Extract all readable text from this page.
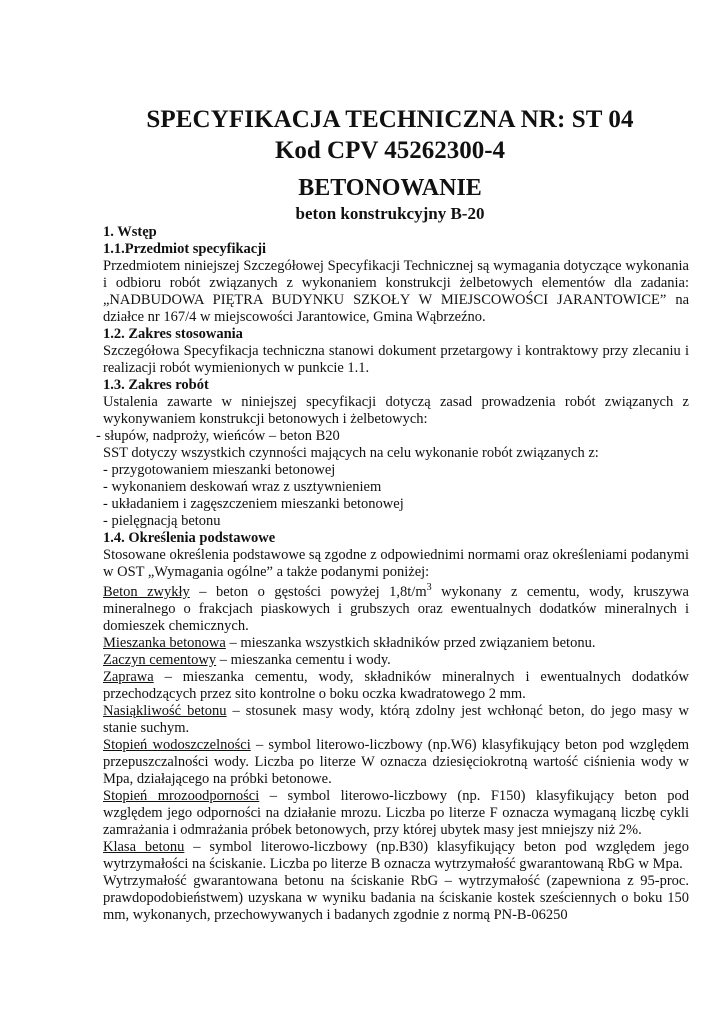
SPECYFIKACJA TECHNICZNA NR: ST 04
Kod CPV 45262300-4
BETONOWANIE
beton konstrukcyjny B-20

1. Wstęp

1.1.Przedmiot specyfikacji

Przedmiotem niniejszej Szczegółowej Specyfikacji Technicznej są wymagania dotyczące wykonania i odbioru robót związanych z wykonaniem konstrukcji żelbetowych elementów dla zadania: „NADBUDOWA PIĘTRA BUDYNKU SZKOŁY W MIEJSCOWOŚCI JARANTOWICE” na działce nr 167/4 w miejscowości Jarantowice, Gmina Wąbrzeźno.

1.2. Zakres stosowania

Szczegółowa Specyfikacja techniczna stanowi dokument przetargowy i kontraktowy przy zlecaniu i realizacji robót wymienionych w punkcie 1.1.

1.3. Zakres robót

Ustalenia zawarte w niniejszej specyfikacji dotyczą zasad prowadzenia robót związanych z wykonywaniem konstrukcji betonowych i żelbetowych:

- słupów, nadproży, wieńców – beton B20

SST dotyczy wszystkich czynności mających na celu wykonanie robót związanych z:

- przygotowaniem mieszanki betonowej

- wykonaniem deskowań wraz z usztywnieniem

- układaniem i zagęszczeniem mieszanki betonowej

- pielęgnacją betonu

1.4. Określenia podstawowe

Stosowane określenia podstawowe są zgodne z odpowiednimi normami oraz określeniami podanymi w OST „Wymagania ogólne” a także podanymi poniżej:

Beton zwykły – beton o gęstości powyżej $1,8t/m^3$ wykonany z cementu, wody, kruszywa mineralnego o frakcjach piaskowych i grubszych oraz ewentualnych dodatków mineralnych i domieszek chemicznych.

Mieszanka betonowa – mieszanka wszystkich składników przed związaniem betonu.

Zaczyn cementowy – mieszanka cementu i wody.

Zaprawa – mieszanka cementu, wody, składników mineralnych i ewentualnych dodatków przechodzących przez sito kontrolne o boku oczka kwadratowego 2 mm.

Nasiąkliwość betonu – stosunek masy wody, którą zdolny jest wchłonąć beton, do jego masy w stanie suchym.

Stopień wodoszczelności – symbol literowo-liczbowy (np.W6) klasyfikujący beton pod względem przepuszczalności wody. Liczba po literze W oznacza dziesięciokrotną wartość ciśnienia wody w Mpa, działającego na próbki betonowe.

Stopień mrozoodporności – symbol literowo-liczbowy (np. F150) klasyfikujący beton pod względem jego odporności na działanie mrozu. Liczba po literze F oznacza wymaganą liczbę cykli zamrażania i odmrażania próbek betonowych, przy której ubytek masy jest mniejszy niż 2%.

Klasa betonu – symbol literowo-liczbowy (np.B30) klasyfikujący beton pod względem jego wytrzymałości na ściskanie. Liczba po literze B oznacza wytrzymałość gwarantowaną RbG w Mpa.

Wytrzymałość gwarantowana betonu na ściskanie RbG – wytrzymałość (zapewniona z 95-proc. prawdopodobieństwem) uzyskana w wyniku badania na ściskanie kostek sześciennych o boku 150 mm, wykonanych, przechowywanych i badanych zgodnie z normą PN-B-06250
